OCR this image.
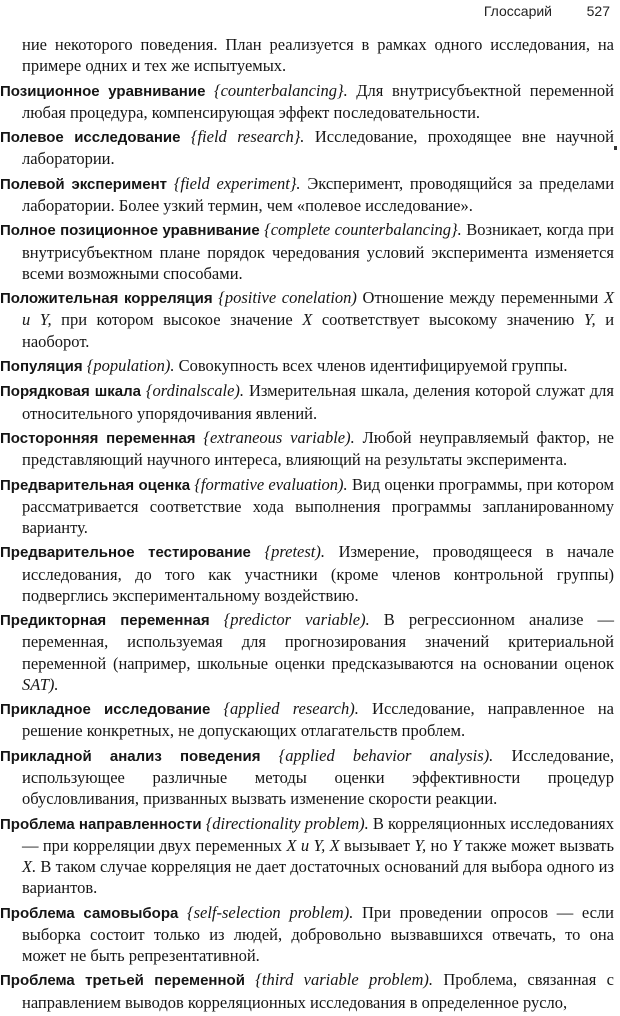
Глоссарий 527

ние некоторого поведения. План реализуется в рамках одного исследования, на примере одних и тех же испытуемых.

Позиционное уравнивание {counterbalancing}. Для внутрисубъектной переменной любая процедура, компенсирующая эффект последовательности.

Полевое исследование {field research}. Исследование, проходящее вне научной лаборатории.

Полевой эксперимент {field experiment}. Эксперимент, проводящийся за пределами лаборатории. Более узкий термин, чем «полевое исследование».

Полное позиционное уравнивание {complete counterbalancing}. Возникает, когда при внутрисубъектном плане порядок чередования условий эксперимента изменяется всеми возможными способами.

Положительная корреляция {positive conelation) Отношение между переменными X и Y, при котором высокое значение X соответствует высокому значению Y, и наоборот.

Популяция {population). Совокупность всех членов идентифицируемой группы.

Порядковая шкала {ordinalscale). Измерительная шкала, деления которой служат для относительного упорядочивания явлений.

Посторонняя переменная {extraneous variable). Любой неуправляемый фактор, не представляющий научного интереса, влияющий на результаты эксперимента.

Предварительная оценка {formative evaluation). Вид оценки программы, при котором рассматривается соответствие хода выполнения программы запланированному варианту.

Предварительное тестирование {pretest). Измерение, проводящееся в начале исследования, до того как участники (кроме членов контрольной группы) подверглись экспериментальному воздействию.

Предикторная переменная {predictor variable). В регрессионном анализе — переменная, используемая для прогнозирования значений критериальной переменной (например, школьные оценки предсказываются на основании оценок SAT).

Прикладное исследование {applied research). Исследование, направленное на решение конкретных, не допускающих отлагательств проблем.

Прикладной анализ поведения {applied behavior analysis). Исследование, использующее различные методы оценки эффективности процедур обусловливания, призванных вызвать изменение скорости реакции.

Проблема направленности {directionality problem). В корреляционных исследованиях — при корреляции двух переменных X и Y, X вызывает Y, но Y также может вызвать X. В таком случае корреляция не дает достаточных оснований для выбора одного из вариантов.

Проблема самовыбора {self-selection problem). При проведении опросов — если выборка состоит только из людей, добровольно вызвавшихся отвечать, то она может не быть репрезентативной.

Проблема третьей переменной {third variable problem). Проблема, связанная с направлением выводов корреляционных исследования в определенное русло,
